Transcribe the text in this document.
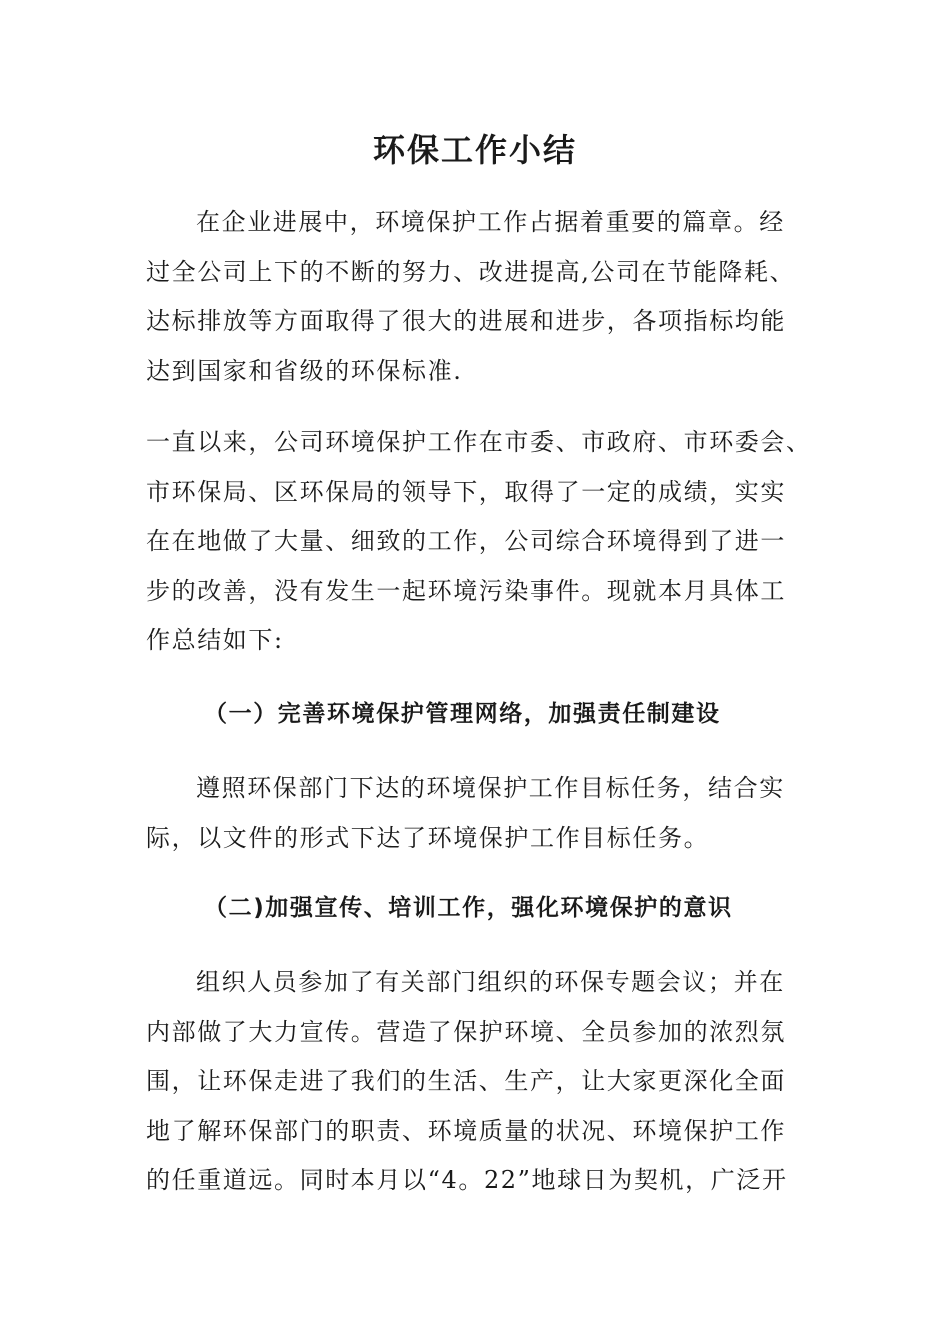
环保工作小结
在企业进展中，环境保护工作占据着重要的篇章。经
过全公司上下的不断的努力、改进提高,公司在节能降耗、
达标排放等方面取得了很大的进展和进步，各项指标均能
达到国家和省级的环保标准.
一直以来，公司环境保护工作在市委、市政府、市环委会、
市环保局、区环保局的领导下，取得了一定的成绩，实实
在在地做了大量、细致的工作，公司综合环境得到了进一
步的改善，没有发生一起环境污染事件。现就本月具体工
作总结如下:
（一）完善环境保护管理网络，加强责任制建设
遵照环保部门下达的环境保护工作目标任务，结合实
际，以文件的形式下达了环境保护工作目标任务。
（二)加强宣传、培训工作，强化环境保护的意识
组织人员参加了有关部门组织的环保专题会议；并在
内部做了大力宣传。营造了保护环境、全员参加的浓烈氛
围，让环保走进了我们的生活、生产，让大家更深化全面
地了解环保部门的职责、环境质量的状况、环境保护工作
的任重道远。同时本月以“4。22”地球日为契机，广泛开
